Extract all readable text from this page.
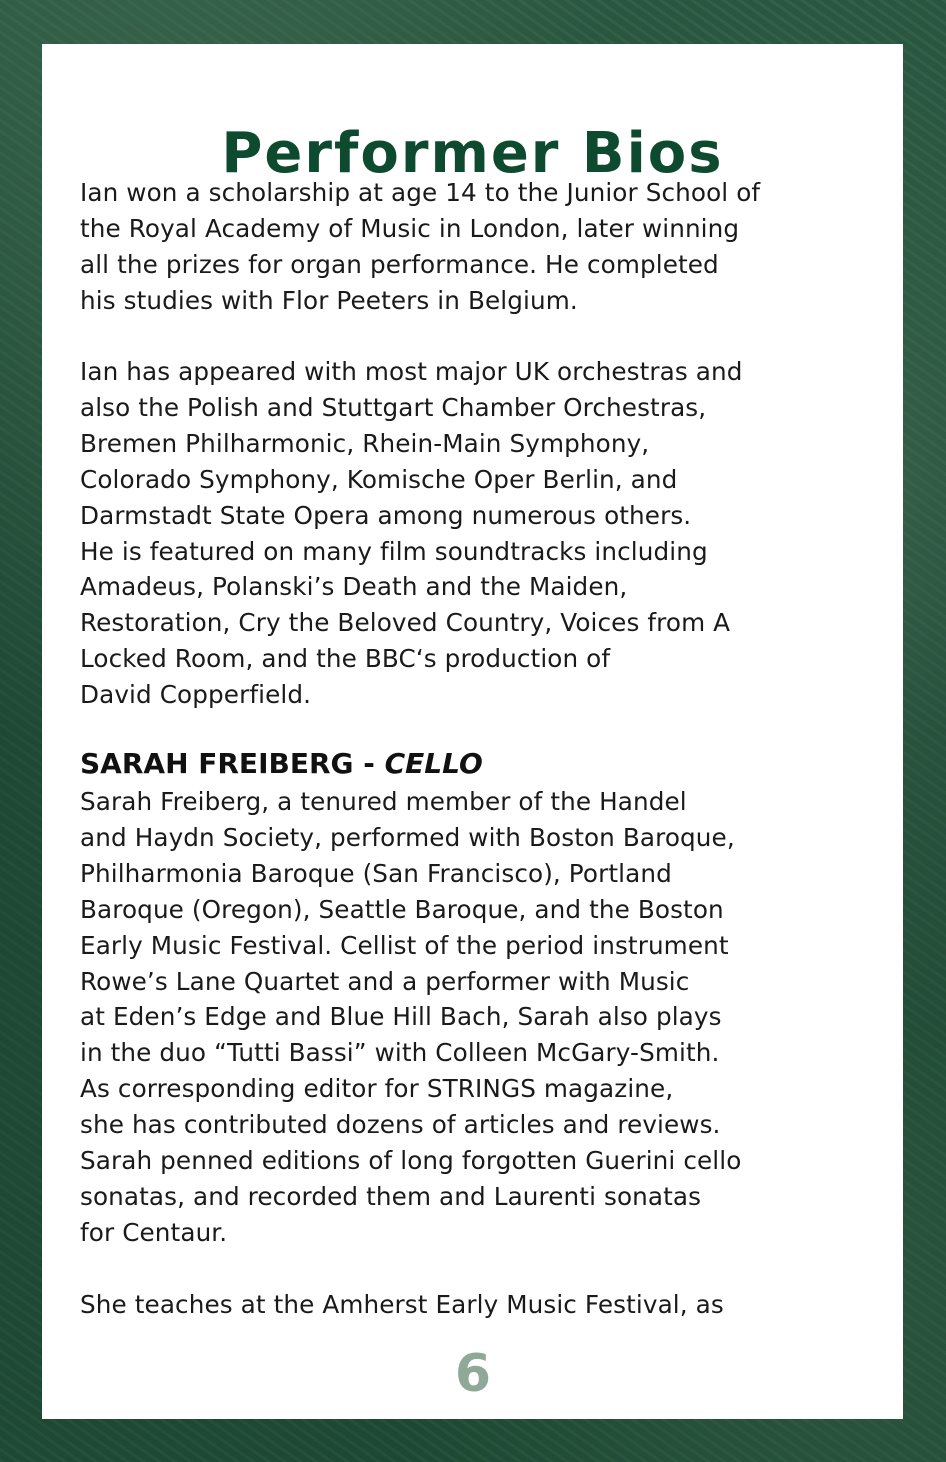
Performer Bios

Ian won a scholarship at age 14 to the Junior School of
the Royal Academy of Music in London, later winning
all the prizes for organ performance. He completed
his studies with Flor Peeters in Belgium.

Ian has appeared with most major UK orchestras and
also the Polish and Stuttgart Chamber Orchestras,
Bremen Philharmonic, Rhein-Main Symphony,
Colorado Symphony, Komische Oper Berlin, and
Darmstadt State Opera among numerous others.
He is featured on many film soundtracks including
Amadeus, Polanski’s Death and the Maiden,
Restoration, Cry the Beloved Country, Voices from A
Locked Room, and the BBC‘s production of
David Copperfield.

SARAH FREIBERG - CELLO

Sarah Freiberg, a tenured member of the Handel
and Haydn Society, performed with Boston Baroque,
Philharmonia Baroque (San Francisco), Portland
Baroque (Oregon), Seattle Baroque, and the Boston
Early Music Festival. Cellist of the period instrument
Rowe’s Lane Quartet and a performer with Music
at Eden’s Edge and Blue Hill Bach, Sarah also plays
in the duo “Tutti Bassi” with Colleen McGary-Smith.
As corresponding editor for STRINGS magazine,
she has contributed dozens of articles and reviews.
Sarah penned editions of long forgotten Guerini cello
sonatas, and recorded them and Laurenti sonatas
for Centaur.

She teaches at the Amherst Early Music Festival, as

6
